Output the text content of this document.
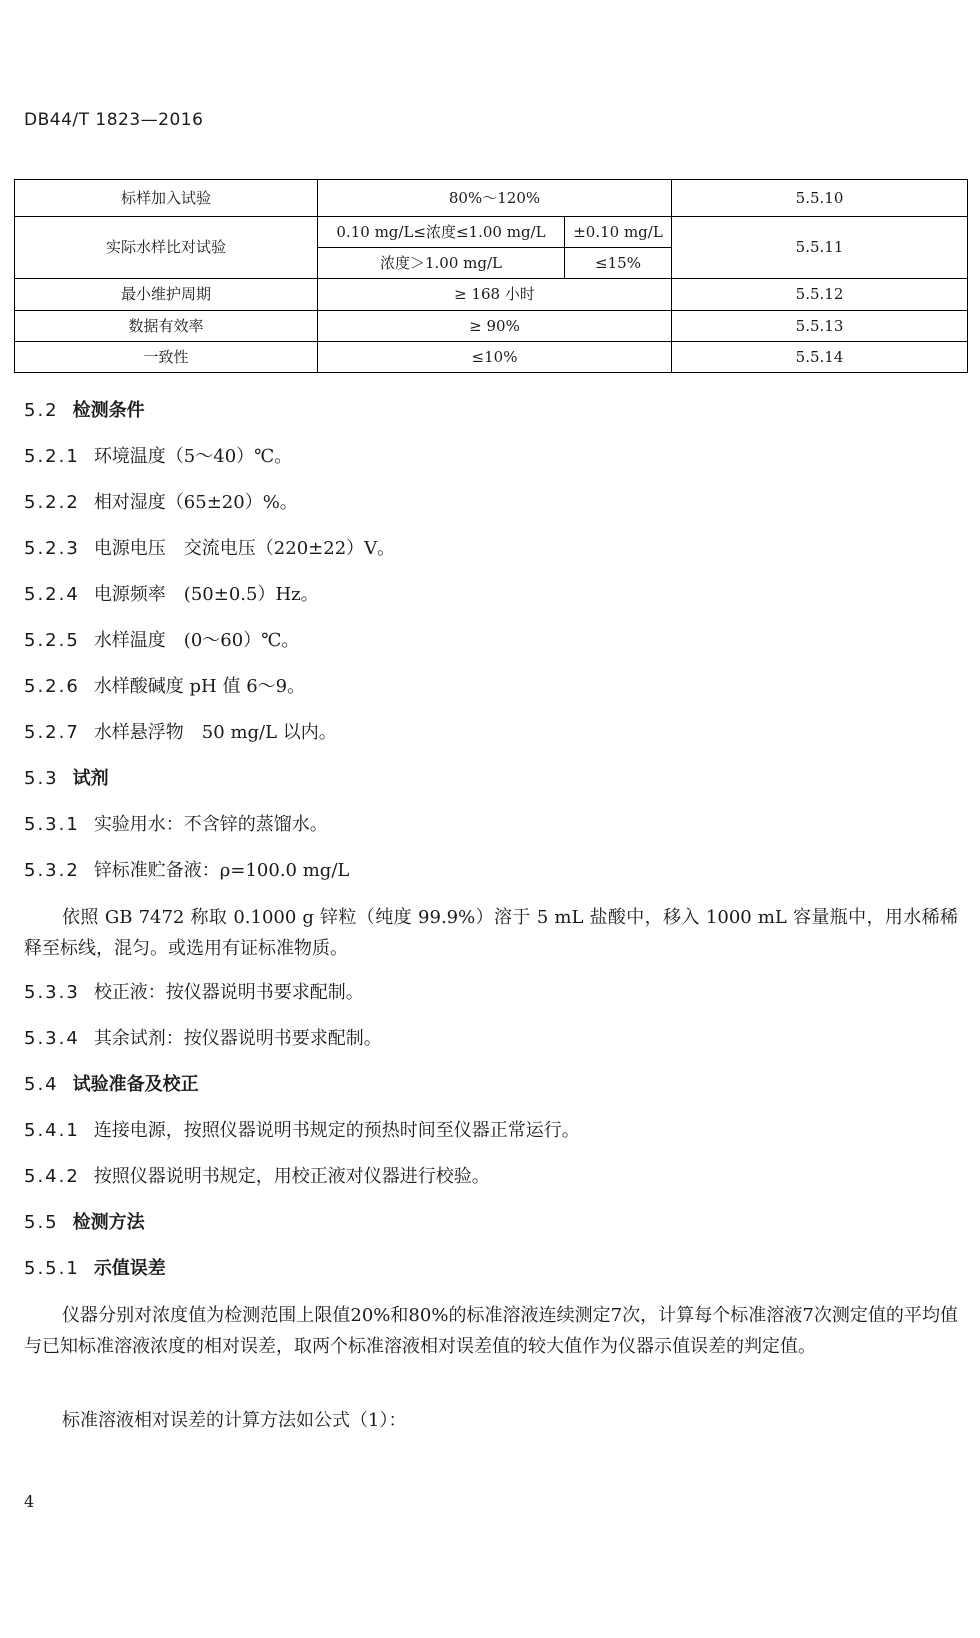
DB44/T 1823—2016
标样加入试验	80%～120%		5.5.10
实际水样比对试验	0.10 mg/L≤浓度≤1.00 mg/L	±0.10 mg/L	5.5.11
	浓度＞1.00 mg/L	≤15%	
最小维护周期	≥ 168 小时		5.5.12
数据有效率	≥ 90%		5.5.13
一致性	≤10%		5.5.14
5.2 检测条件
5.2.1 环境温度（5～40）℃。
5.2.2 相对湿度（65±20）%。
5.2.3 电源电压　交流电压（220±22）V。
5.2.4 电源频率　(50±0.5）Hz。
5.2.5 水样温度　(0～60）℃。
5.2.6 水样酸碱度 pH 值 6～9。
5.2.7 水样悬浮物　50 mg/L 以内。
5.3 试剂
5.3.1 实验用水：不含锌的蒸馏水。
5.3.2 锌标准贮备液：ρ=100.0 mg/L
依照 GB 7472 称取 0.1000 g 锌粒（纯度 99.9%）溶于 5 mL 盐酸中，移入 1000 mL 容量瓶中，用水稀稀释至标线，混匀。或选用有证标准物质。
5.3.3 校正液：按仪器说明书要求配制。
5.3.4 其余试剂：按仪器说明书要求配制。
5.4 试验准备及校正
5.4.1 连接电源，按照仪器说明书规定的预热时间至仪器正常运行。
5.4.2 按照仪器说明书规定，用校正液对仪器进行校验。
5.5 检测方法
5.5.1 示值误差
仪器分别对浓度值为检测范围上限值20%和80%的标准溶液连续测定7次，计算每个标准溶液7次测定值的平均值与已知标准溶液浓度的相对误差，取两个标准溶液相对误差值的较大值作为仪器示值误差的判定值。
标准溶液相对误差的计算方法如公式（1）：
4
